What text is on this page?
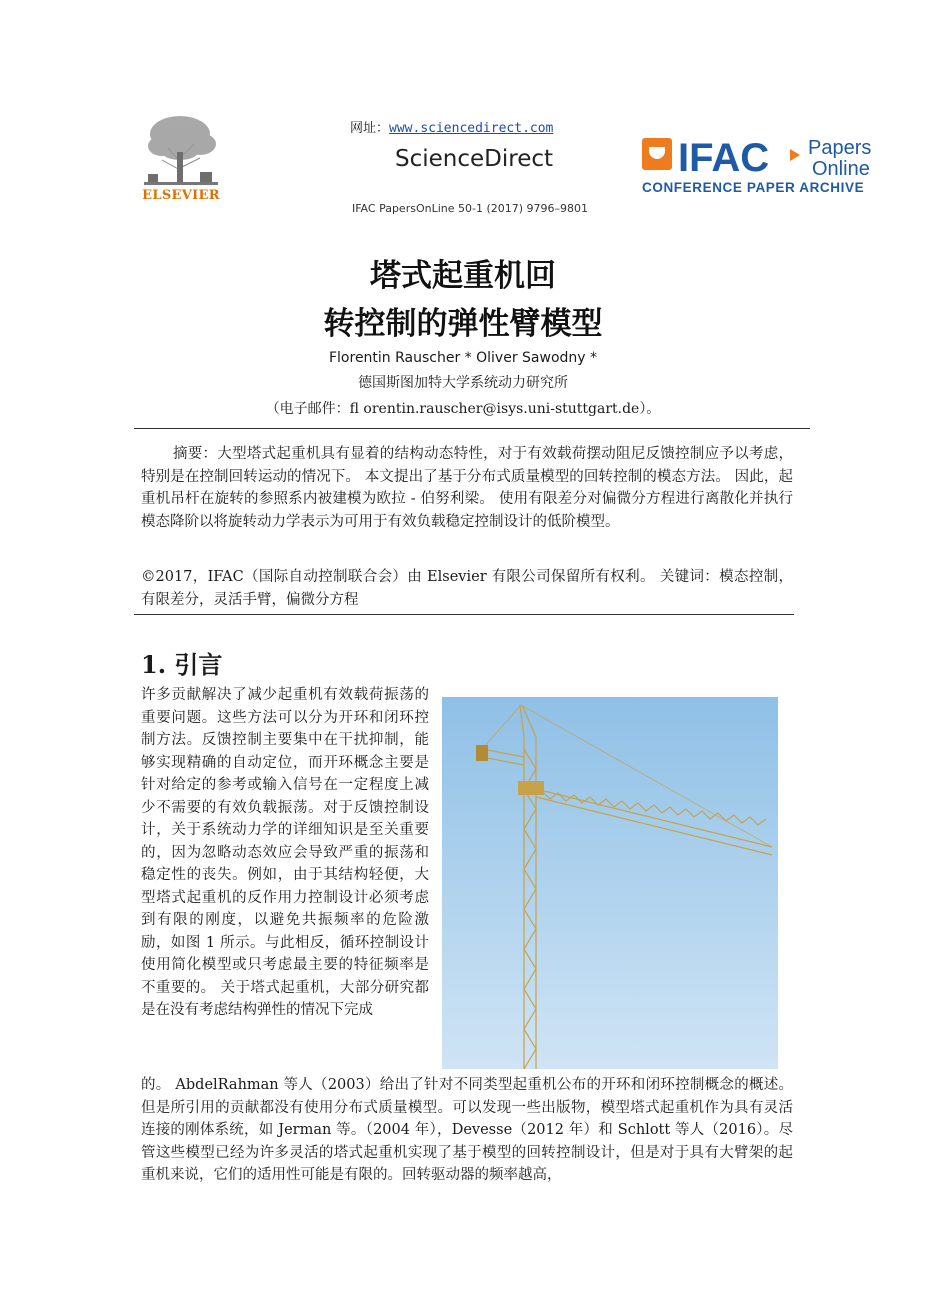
ELSEVIER
网址：www.sciencedirect.com
ScienceDirect
IFAC PapersOnLine 50-1 (2017) 9796–9801
IFAC Papers
Online
CONFERENCE PAPER ARCHIVE
塔式起重机回
转控制的弹性臂模型
Florentin Rauscher * Oliver Sawodny *
德国斯图加特大学系统动力研究所
（电子邮件：fl orentin.rauscher@isys.uni-stuttgart.de）。
摘要：大型塔式起重机具有显着的结构动态特性，对于有效载荷摆动阻尼反馈控制应予以考虑，特别是在控制回转运动的情况下。 本文提出了基于分布式质量模型的回转控制的模态方法。 因此，起重机吊杆在旋转的参照系内被建模为欧拉 - 伯努利梁。 使用有限差分对偏微分方程进行离散化并执行模态降阶以将旋转动力学表示为可用于有效负载稳定控制设计的低阶模型。
©2017，IFAC（国际自动控制联合会）由 Elsevier 有限公司保留所有权利。 关键词：模态控制，有限差分，灵活手臂，偏微分方程
1. 引言
许多贡献解决了减少起重机有效载荷振荡的重要问题。这些方法可以分为开环和闭环控制方法。反馈控制主要集中在干扰抑制，能够实现精确的自动定位，而开环概念主要是针对给定的参考或输入信号在一定程度上减少不需要的有效负载振荡。对于反馈控制设计，关于系统动力学的详细知识是至关重要的，因为忽略动态效应会导致严重的振荡和稳定性的丧失。例如，由于其结构轻便，大型塔式起重机的反作用力控制设计必须考虑到有限的刚度，以避免共振频率的危险激励，如图 1 所示。与此相反，循环控制设计使用简化模型或只考虑最主要的特征频率是不重要的。 关于塔式起重机，大部分研究都是在没有考虑结构弹性的情况下完成
的。 AbdelRahman 等人（2003）给出了针对不同类型起重机公布的开环和闭环控制概念的概述。但是所引用的贡献都没有使用分布式质量模型。可以发现一些出版物，模型塔式起重机作为具有灵活连接的刚体系统，如 Jerman 等。（2004 年），Devesse（2012 年）和 Schlott 等人（2016）。尽管这些模型已经为许多灵活的塔式起重机实现了基于模型的回转控制设计，但是对于具有大臂架的起重机来说，它们的适用性可能是有限的。回转驱动器的频率越高，
